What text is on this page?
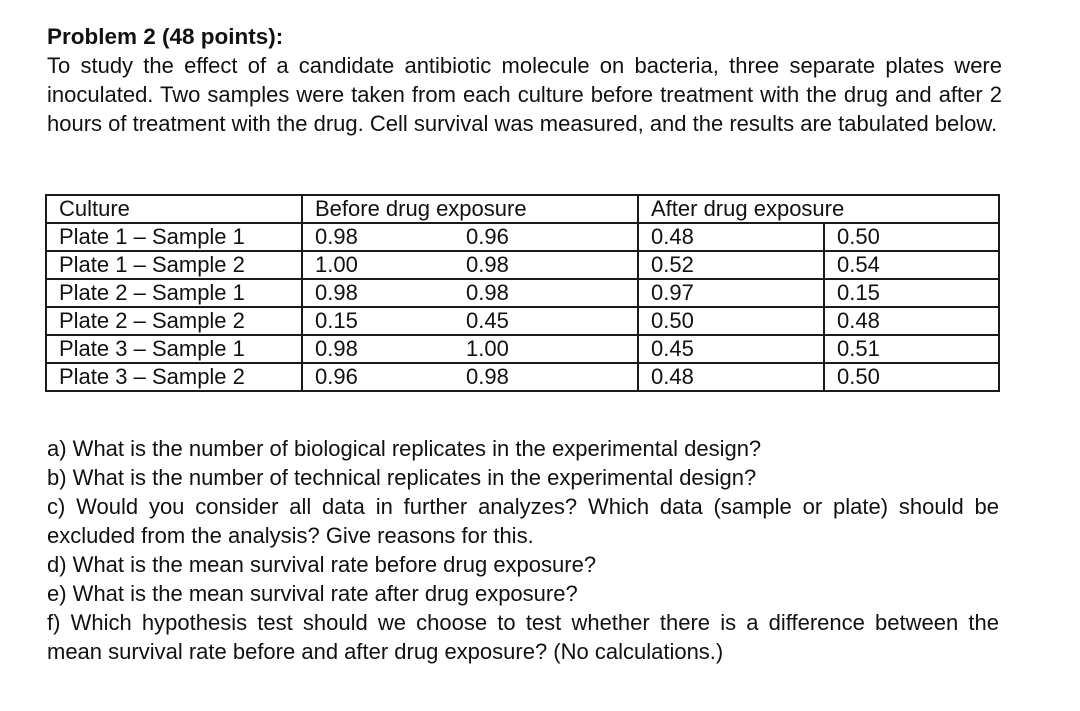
Problem 2 (48 points):

To study the effect of a candidate antibiotic molecule on bacteria, three separate plates were inoculated. Two samples were taken from each culture before treatment with the drug and after 2 hours of treatment with the drug. Cell survival was measured, and the results are tabulated below.

Culture	Before drug exposure		After drug exposure	
Plate 1 – Sample 1	0.98	0.96	0.48	0.50
Plate 1 – Sample 2	1.00	0.98	0.52	0.54
Plate 2 – Sample 1	0.98	0.98	0.97	0.15
Plate 2 – Sample 2	0.15	0.45	0.50	0.48
Plate 3 – Sample 1	0.98	1.00	0.45	0.51
Plate 3 – Sample 2	0.96	0.98	0.48	0.50

a) What is the number of biological replicates in the experimental design?

b) What is the number of technical replicates in the experimental design?

c) Would you consider all data in further analyzes? Which data (sample or plate) should be excluded from the analysis? Give reasons for this.

d) What is the mean survival rate before drug exposure?

e) What is the mean survival rate after drug exposure?

f) Which hypothesis test should we choose to test whether there is a difference between the mean survival rate before and after drug exposure? (No calculations.)
